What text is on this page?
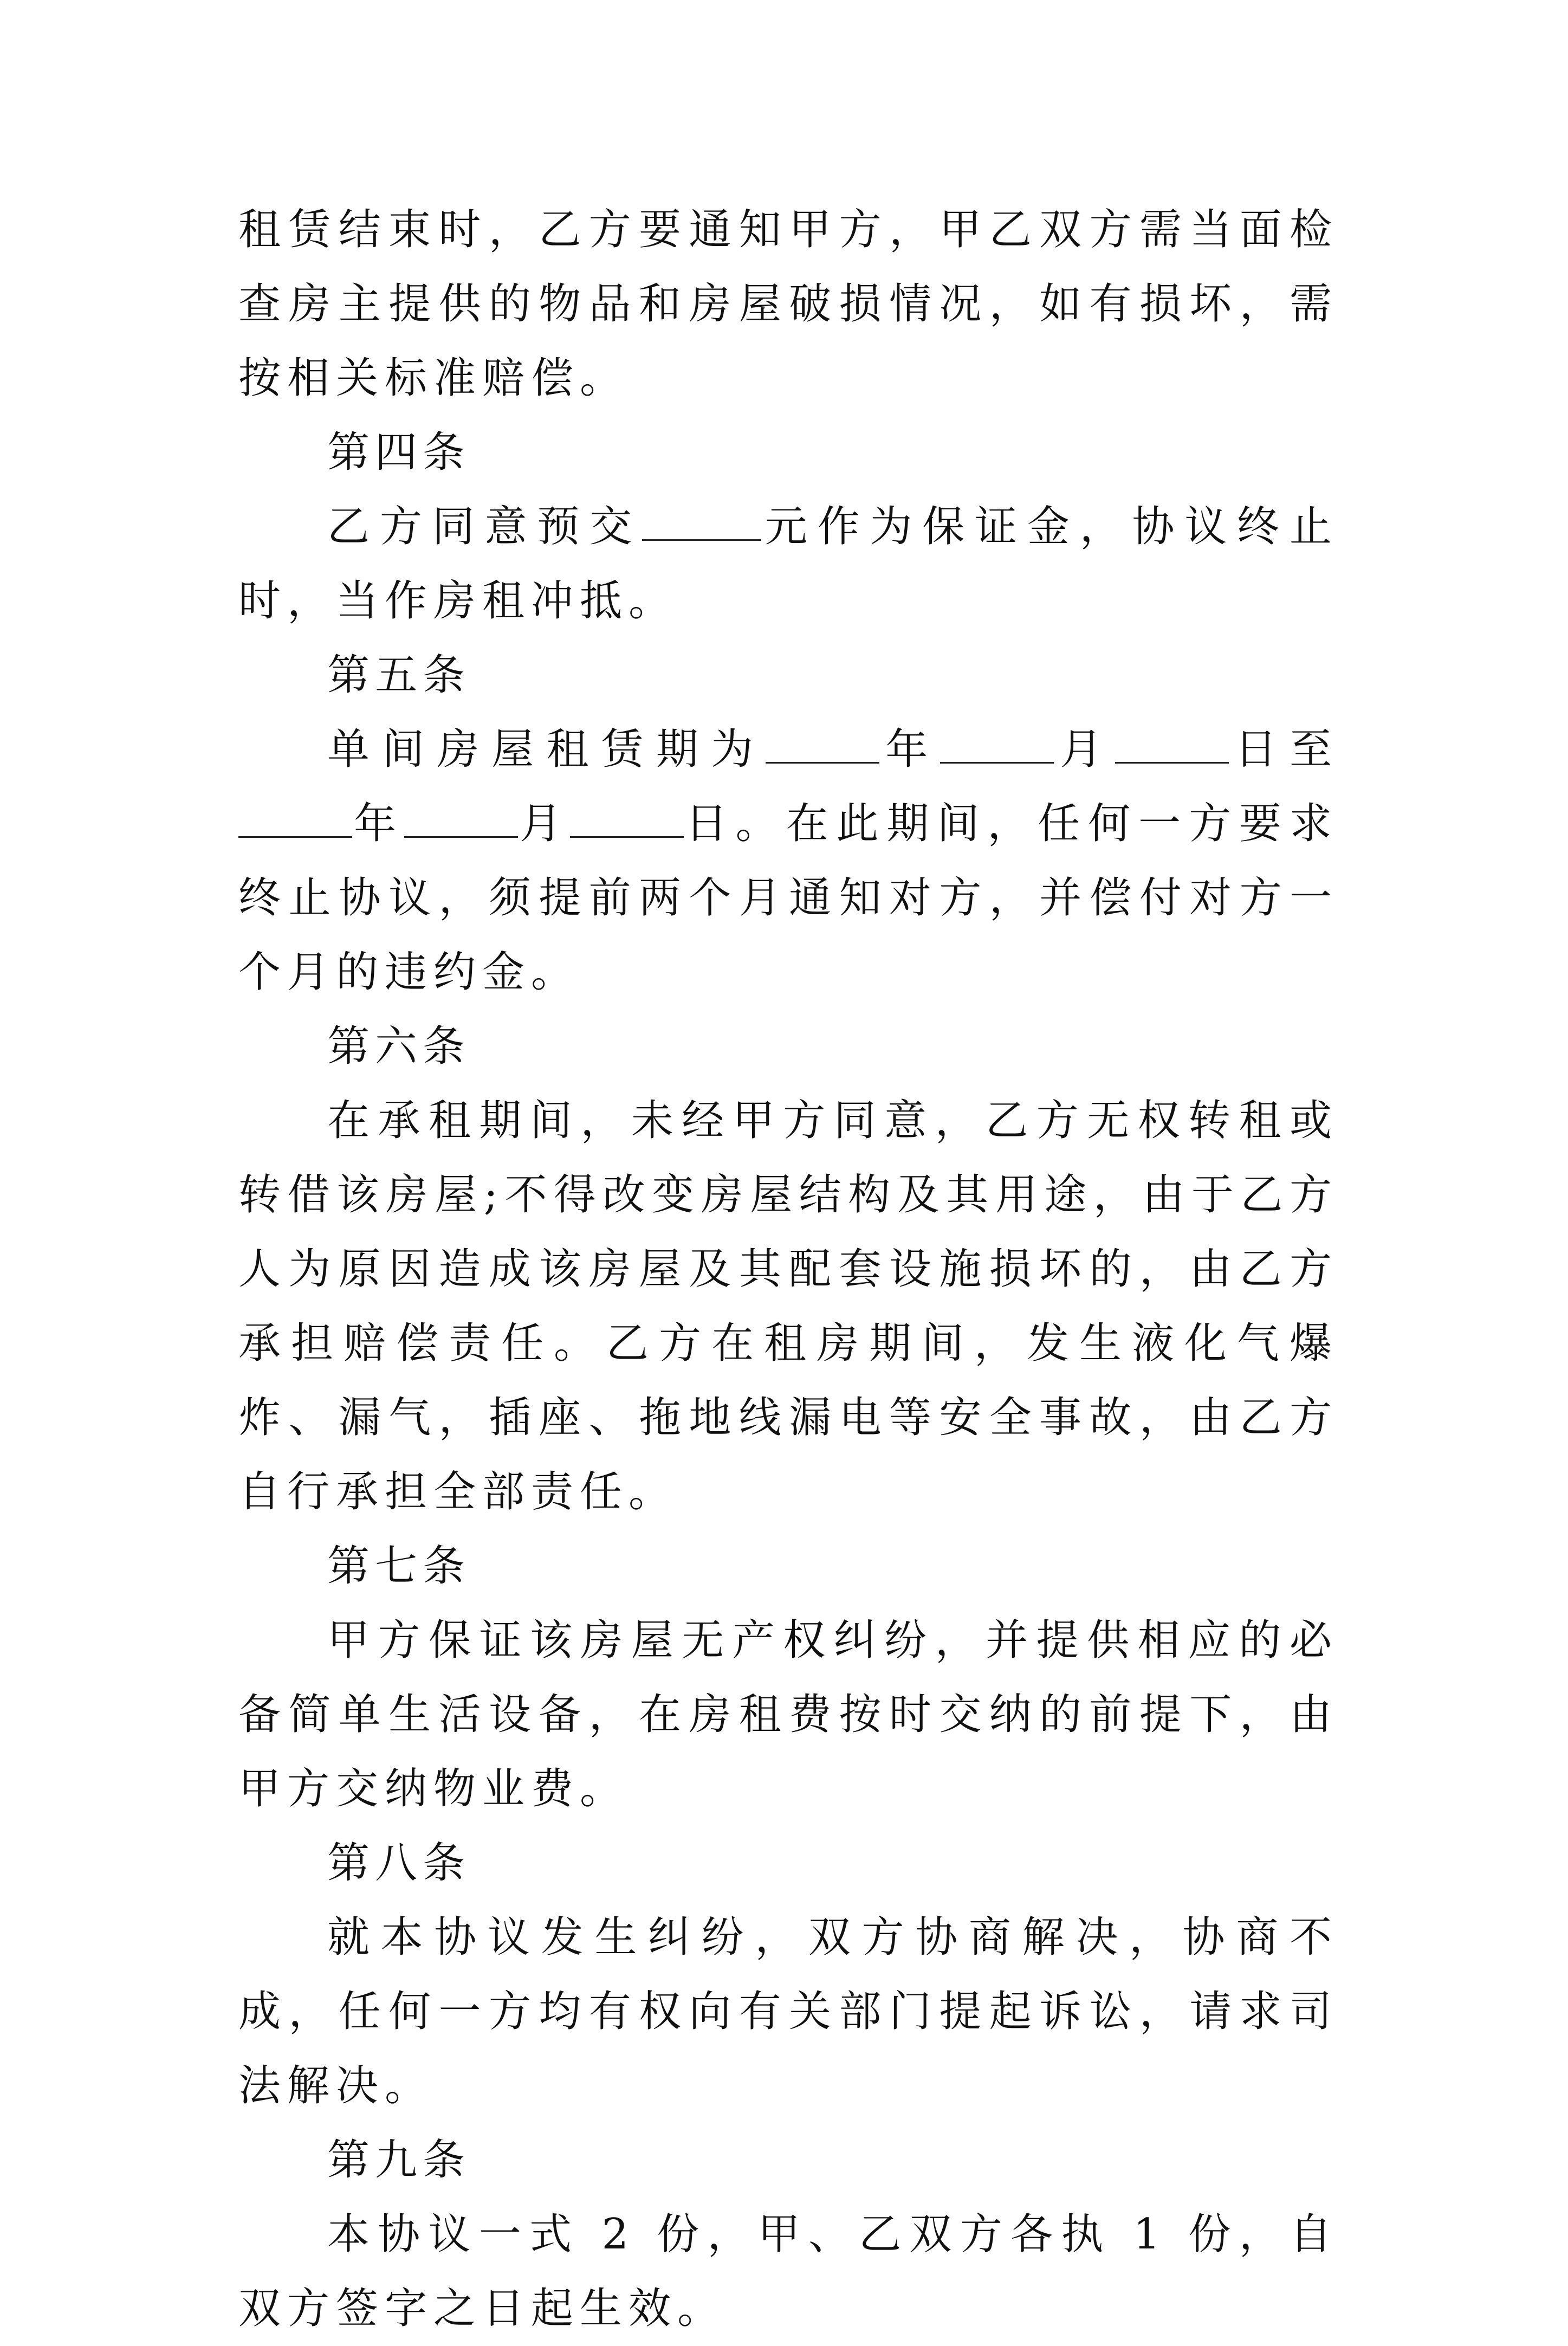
租赁结束时，乙方要通知甲方，甲乙双方需当面检查房主提供的物品和房屋破损情况，如有损坏，需按相关标准赔偿。

第四条

乙方同意预交	元作为保证金，协议终止时，当作房租冲抵。

第五条

单间房屋租赁期为	年	月	日至年	月	日。在此期间，任何一方要求终止协议，须提前两个月通知对方，并偿付对方一个月的违约金。

第六条

在承租期间，未经甲方同意，乙方无权转租或转借该房屋;不得改变房屋结构及其用途，由于乙方人为原因造成该房屋及其配套设施损坏的，由乙方承担赔偿责任。乙方在租房期间，发生液化气爆炸、漏气，插座、拖地线漏电等安全事故，由乙方自行承担全部责任。

第七条

甲方保证该房屋无产权纠纷，并提供相应的必备简单生活设备，在房租费按时交纳的前提下，由甲方交纳物业费。

第八条

就本协议发生纠纷，双方协商解决，协商不成，任何一方均有权向有关部门提起诉讼，请求司法解决。

第九条

本协议一式 2 份，甲、乙双方各执 1 份，自双方签字之日起生效。
